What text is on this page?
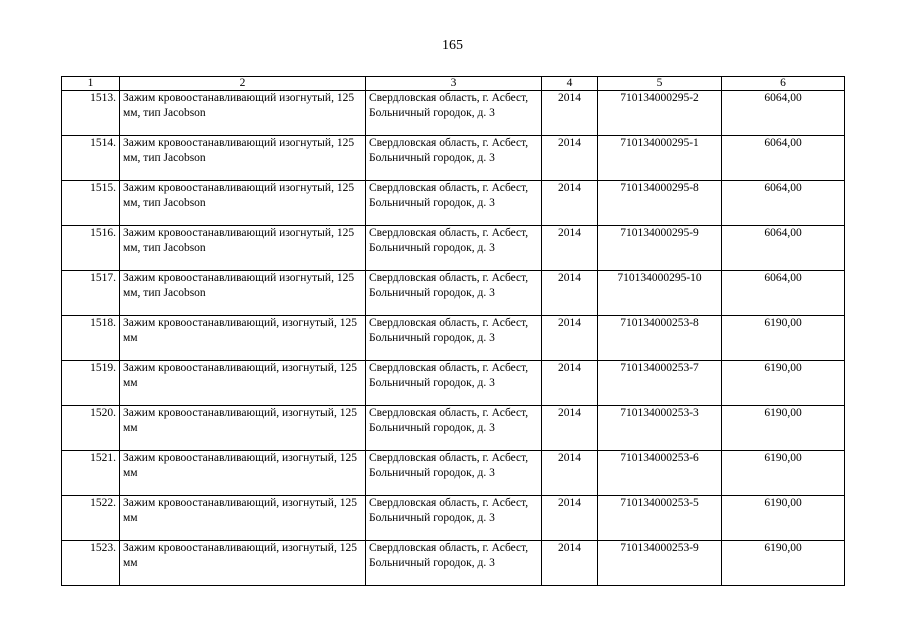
165
1	2	3	4	5	6
1513.	Зажим кровоостанавливающий изогнутый, 125 мм, тип Jacobson	Свердловская область, г. Асбест, Больничный городок, д. 3	2014	710134000295-2	6064,00
1514.	Зажим кровоостанавливающий изогнутый, 125 мм, тип Jacobson	Свердловская область, г. Асбест, Больничный городок, д. 3	2014	710134000295-1	6064,00
1515.	Зажим кровоостанавливающий изогнутый, 125 мм, тип Jacobson	Свердловская область, г. Асбест, Больничный городок, д. 3	2014	710134000295-8	6064,00
1516.	Зажим кровоостанавливающий изогнутый, 125 мм, тип Jacobson	Свердловская область, г. Асбест, Больничный городок, д. 3	2014	710134000295-9	6064,00
1517.	Зажим кровоостанавливающий изогнутый, 125 мм, тип Jacobson	Свердловская область, г. Асбест, Больничный городок, д. 3	2014	710134000295-10	6064,00
1518.	Зажим кровоостанавливающий, изогнутый, 125 мм	Свердловская область, г. Асбест, Больничный городок, д. 3	2014	710134000253-8	6190,00
1519.	Зажим кровоостанавливающий, изогнутый, 125 мм	Свердловская область, г. Асбест, Больничный городок, д. 3	2014	710134000253-7	6190,00
1520.	Зажим кровоостанавливающий, изогнутый, 125 мм	Свердловская область, г. Асбест, Больничный городок, д. 3	2014	710134000253-3	6190,00
1521.	Зажим кровоостанавливающий, изогнутый, 125 мм	Свердловская область, г. Асбест, Больничный городок, д. 3	2014	710134000253-6	6190,00
1522.	Зажим кровоостанавливающий, изогнутый, 125 мм	Свердловская область, г. Асбест, Больничный городок, д. 3	2014	710134000253-5	6190,00
1523.	Зажим кровоостанавливающий, изогнутый, 125 мм	Свердловская область, г. Асбест, Больничный городок, д. 3	2014	710134000253-9	6190,00
